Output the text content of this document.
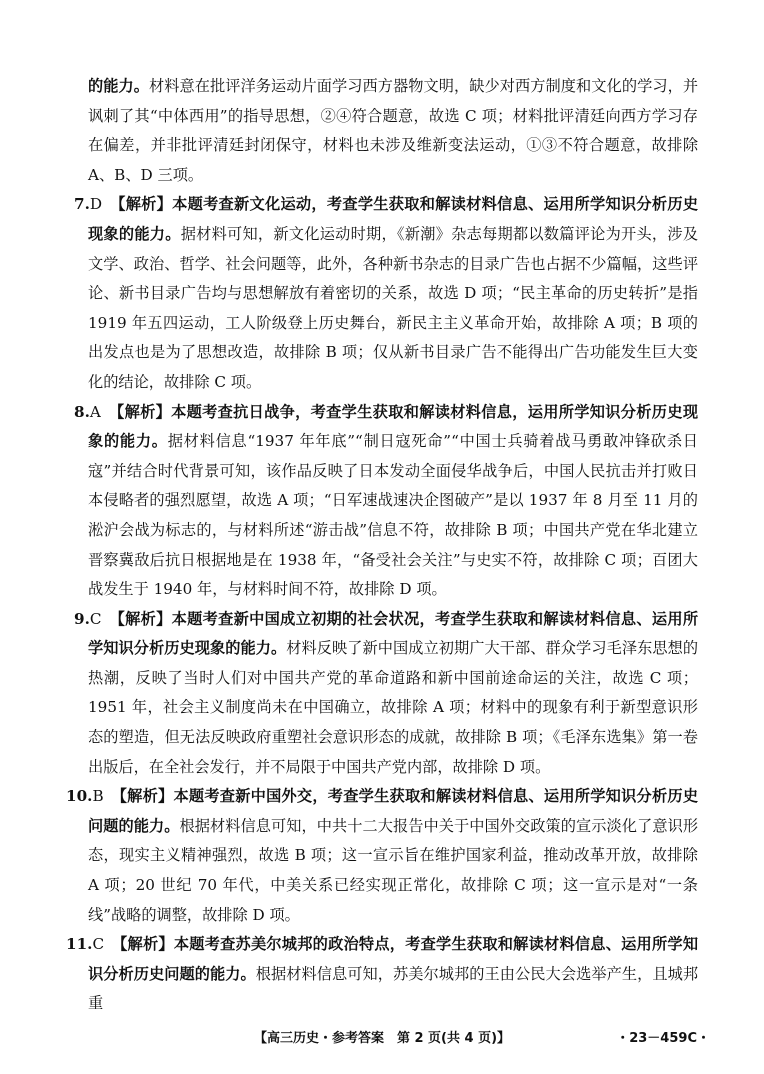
的能力。材料意在批评洋务运动片面学习西方器物文明，缺少对西方制度和文化的学习，并讽刺了其“中体西用”的指导思想，②④符合题意，故选 C 项；材料批评清廷向西方学习存在偏差，并非批评清廷封闭保守，材料也未涉及维新变法运动，①③不符合题意，故排除 A、B、D 三项。

7.D　 【解析】本题考查新文化运动，考查学生获取和解读材料信息、运用所学知识分析历史现象的能力。据材料可知，新文化运动时期，《新潮》杂志每期都以数篇评论为开头，涉及文学、政治、哲学、社会问题等，此外，各种新书杂志的目录广告也占据不少篇幅，这些评论、新书目录广告均与思想解放有着密切的关系，故选 D 项；“民主革命的历史转折”是指 1919 年五四运动，工人阶级登上历史舞台，新民主主义革命开始，故排除 A 项；B 项的出发点也是为了思想改造，故排除 B 项；仅从新书目录广告不能得出广告功能发生巨大变化的结论，故排除 C 项。

8.A　 【解析】本题考查抗日战争，考查学生获取和解读材料信息，运用所学知识分析历史现象的能力。据材料信息“1937 年年底”“制日寇死命”“中国士兵骑着战马勇敢冲锋砍杀日寇”并结合时代背景可知，该作品反映了日本发动全面侵华战争后，中国人民抗击并打败日本侵略者的强烈愿望，故选 A 项；“日军速战速决企图破产”是以 1937 年 8 月至 11 月的淞沪会战为标志的，与材料所述“游击战”信息不符，故排除 B 项；中国共产党在华北建立晋察冀敌后抗日根据地是在 1938 年，“备受社会关注”与史实不符，故排除 C 项；百团大战发生于 1940 年，与材料时间不符，故排除 D 项。

9.C　 【解析】本题考查新中国成立初期的社会状况，考查学生获取和解读材料信息、运用所学知识分析历史现象的能力。材料反映了新中国成立初期广大干部、群众学习毛泽东思想的热潮，反映了当时人们对中国共产党的革命道路和新中国前途命运的关注，故选 C 项；1951 年，社会主义制度尚未在中国确立，故排除 A 项；材料中的现象有利于新型意识形态的塑造，但无法反映政府重塑社会意识形态的成就，故排除 B 项；《毛泽东选集》第一卷出版后，在全社会发行，并不局限于中国共产党内部，故排除 D 项。

10.B　 【解析】本题考查新中国外交，考查学生获取和解读材料信息、运用所学知识分析历史问题的能力。根据材料信息可知，中共十二大报告中关于中国外交政策的宣示淡化了意识形态，现实主义精神强烈，故选 B 项；这一宣示旨在维护国家利益，推动改革开放，故排除 A 项；20 世纪 70 年代，中美关系已经实现正常化，故排除 C 项；这一宣示是对“一条线”战略的调整，故排除 D 项。

11.C　 【解析】本题考查苏美尔城邦的政治特点，考查学生获取和解读材料信息、运用所学知识分析历史问题的能力。根据材料信息可知，苏美尔城邦的王由公民大会选举产生，且城邦重

【高三历史・参考答案　第 2 页(共 4 页)】	・23－459C・
